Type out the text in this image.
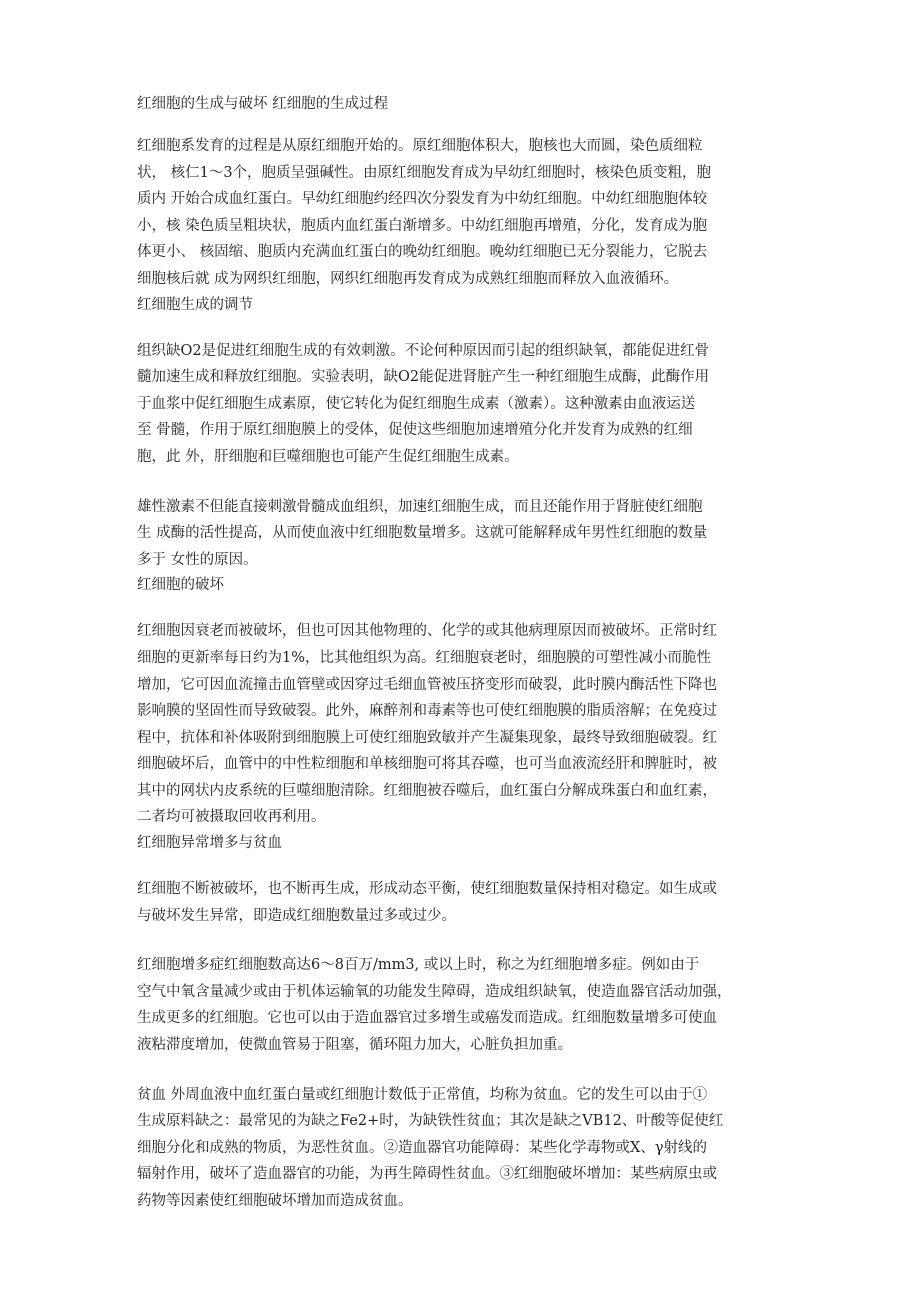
红细胞的生成与破坏 红细胞的生成过程
红细胞系发育的过程是从原红细胞开始的。原红细胞体积大，胞核也大而圆，染色质细粒
状， 核仁1〜3个，胞质呈强碱性。由原红细胞发育成为早幼红细胞时，核染色质变粗，胞
质内 开始合成血红蛋白。早幼红细胞约经四次分裂发育为中幼红细胞。中幼红细胞胞体较
小，核 染色质呈粗块状，胞质内血红蛋白渐增多。中幼红细胞再增殖，分化，发育成为胞
体更小、 核固缩、胞质内充满血红蛋白的晚幼红细胞。晚幼红细胞已无分裂能力，它脱去
细胞核后就 成为网织红细胞，网织红细胞再发育成为成熟红细胞而释放入血液循环。
红细胞生成的调节
组织缺O2是促进红细胞生成的有效刺激。不论何种原因而引起的组织缺氧，都能促进红骨
髓加速生成和释放红细胞。实验表明，缺O2能促进肾脏产生一种红细胞生成酶，此酶作用
于血浆中促红细胞生成素原，使它转化为促红细胞生成素（激素）。这种激素由血液运送
至 骨髓，作用于原红细胞膜上的受体，促使这些细胞加速增殖分化并发育为成熟的红细
胞，此 外，肝细胞和巨噬细胞也可能产生促红细胞生成素。
雄性激素不但能直接刺激骨髓成血组织，加速红细胞生成，而且还能作用于肾脏使红细胞
生 成酶的活性提高，从而使血液中红细胞数量增多。这就可能解释成年男性红细胞的数量
多于 女性的原因。
红细胞的破坏
红细胞因衰老而被破坏，但也可因其他物理的、化学的或其他病理原因而被破坏。正常时红
细胞的更新率每日约为1%，比其他组织为高。红细胞衰老时，细胞膜的可塑性减小而脆性
增加，它可因血流撞击血管壁或因穿过毛细血管被压挤变形而破裂，此时膜内酶活性下降也
影响膜的坚固性而导致破裂。此外，麻醉剂和毒素等也可使红细胞膜的脂质溶解；在免疫过
程中，抗体和补体吸附到细胞膜上可使红细胞致敏并产生凝集现象，最终导致细胞破裂。红
细胞破坏后，血管中的中性粒细胞和单核细胞可将其吞噬，也可当血液流经肝和脾脏时，被
其中的网状内皮系统的巨噬细胞清除。红细胞被吞噬后，血红蛋白分解成珠蛋白和血红素，
二者均可被摄取回收再利用。
红细胞异常增多与贫血
红细胞不断被破坏，也不断再生成，形成动态平衡，使红细胞数量保持相对稳定。如生成或
与破坏发生异常，即造成红细胞数量过多或过少。
红细胞增多症红细胞数高达6〜8百万/mm3, 或以上时，称之为红细胞增多症。例如由于
空气中氧含量减少或由于机体运输氧的功能发生障碍，造成组织缺氧，使造血器官活动加强，
生成更多的红细胞。它也可以由于造血器官过多增生或癌发而造成。红细胞数量增多可使血
液粘滞度增加，使微血管易于阻塞，循环阻力加大，心脏负担加重。
贫血 外周血液中血红蛋白量或红细胞计数低于正常值，均称为贫血。它的发生可以由于①
生成原料缺之：最常见的为缺之Fe2+时，为缺铁性贫血；其次是缺之VB12、叶酸等促使红
细胞分化和成熟的物质，为恶性贫血。②造血器官功能障碍：某些化学毒物或X、γ射线的
辐射作用，破坏了造血器官的功能，为再生障碍性贫血。③红细胞破坏增加：某些病原虫或
药物等因素使红细胞破坏增加而造成贫血。
